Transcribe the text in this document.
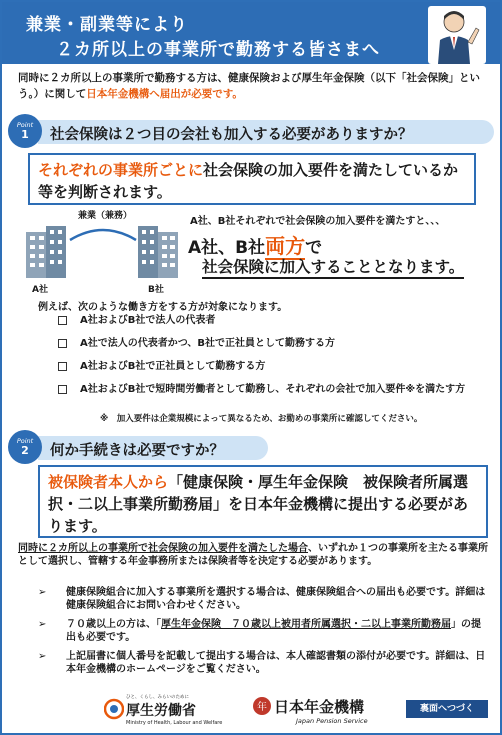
兼業・副業等により
２カ所以上の事業所で勤務する皆さまへ
同時に２カ所以上の事業所で勤務する方は、健康保険および厚生年金保険（以下「社会保険」という。）に関して日本年金機構へ届出が必要です。
Point
1	社会保険は２つ目の会社も加入する必要がありますか？
それぞれの事業所ごとに社会保険の加入要件を満たしているか等を判断されます。
兼業（兼務）
A社	B社
A社、B社それぞれで社会保険の加入要件を満たすと、、、
A社、B社両方で
社会保険に加入することとなります。
例えば、次のような働き方をする方が対象になります。
A社およびB社で法人の代表者
A社で法人の代表者かつ、B社で正社員として勤務する方
A社およびB社で正社員として勤務する方
A社およびB社で短時間労働者として勤務し、それぞれの会社で加入要件※を満たす方
※　加入要件は企業規模によって異なるため、お勤めの事業所に確認してください。
Point
2	何か手続きは必要ですか？
被保険者本人から「健康保険・厚生年金保険　被保険者所属選択・二以上事業所勤務届」を日本年金機構に提出する必要があります。
同時に２カ所以上の事業所で社会保険の加入要件を満たした場合、いずれか１つの事業所を主たる事業所として選択し、管轄する年金事務所または保険者等を決定する必要があります。
➢ 健康保険組合に加入する事業所を選択する場合は、健康保険組合への届出も必要です。詳細は健康保険組合にお問い合わせください。
➢ ７０歳以上の方は、「厚生年金保険　７０歳以上被用者所属選択・二以上事業所勤務届」の提出も必要です。
➢ 上記届書に個人番号を記載して提出する場合は、本人確認書類の添付が必要です。詳細は、日本年金機構のホームページをご覧ください。
ひと、くらし、みらいのために
厚生労働省
Ministry of Health, Labour and Welfare
年 日本年金機構
Japan Pension Service
裏面へつづく
